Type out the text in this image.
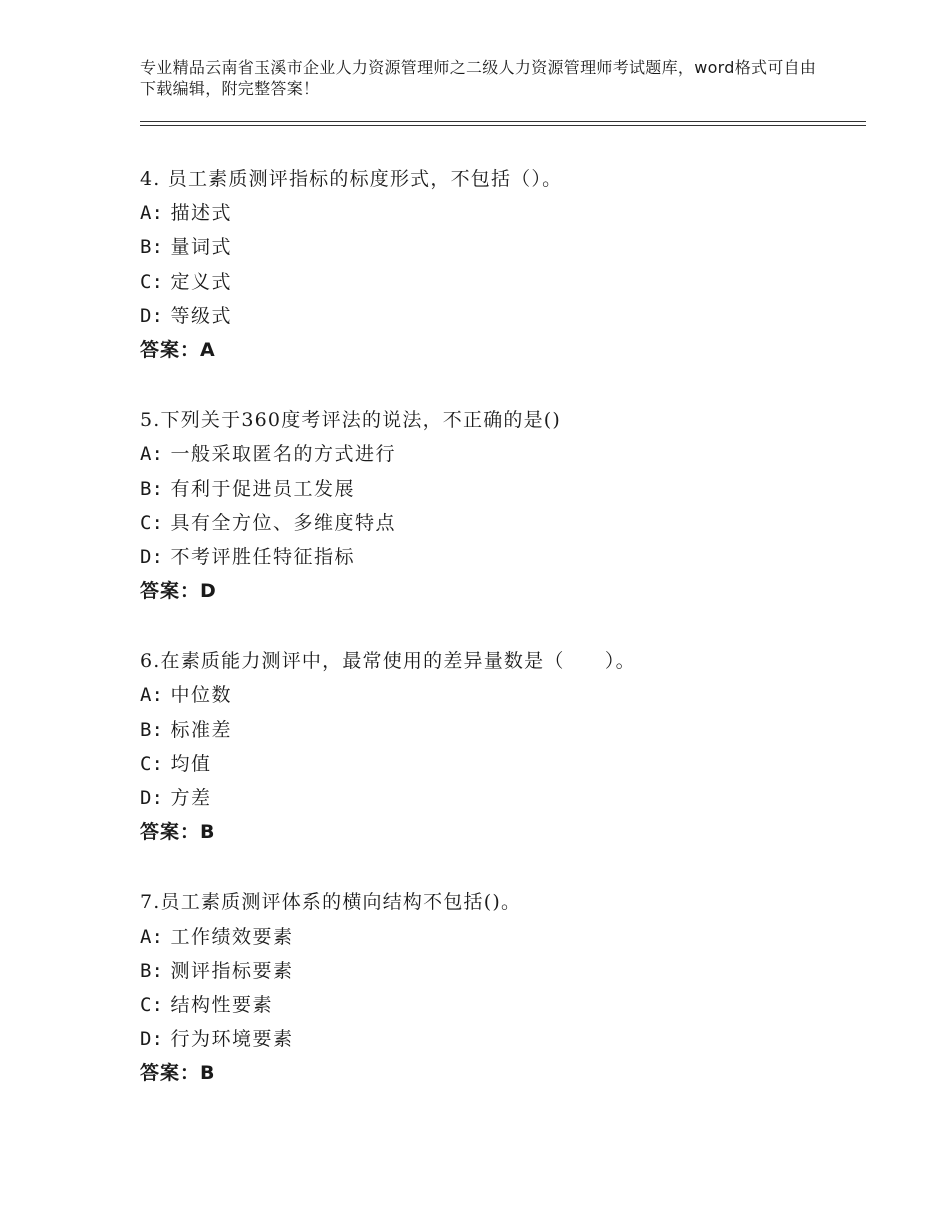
专业精品云南省玉溪市企业人力资源管理师之二级人力资源管理师考试题库，word格式可自由下载编辑，附完整答案！
4. 员工素质测评指标的标度形式，不包括（）。
A: 描述式
B: 量词式
C: 定义式
D: 等级式
答案：A
5.下列关于360度考评法的说法，不正确的是()
A: 一般采取匿名的方式进行
B: 有利于促进员工发展
C: 具有全方位、多维度特点
D: 不考评胜任特征指标
答案：D
6.在素质能力测评中，最常使用的差异量数是（　　）。
A: 中位数
B: 标准差
C: 均值
D: 方差
答案：B
7.员工素质测评体系的横向结构不包括()。
A: 工作绩效要素
B: 测评指标要素
C: 结构性要素
D: 行为环境要素
答案：B
